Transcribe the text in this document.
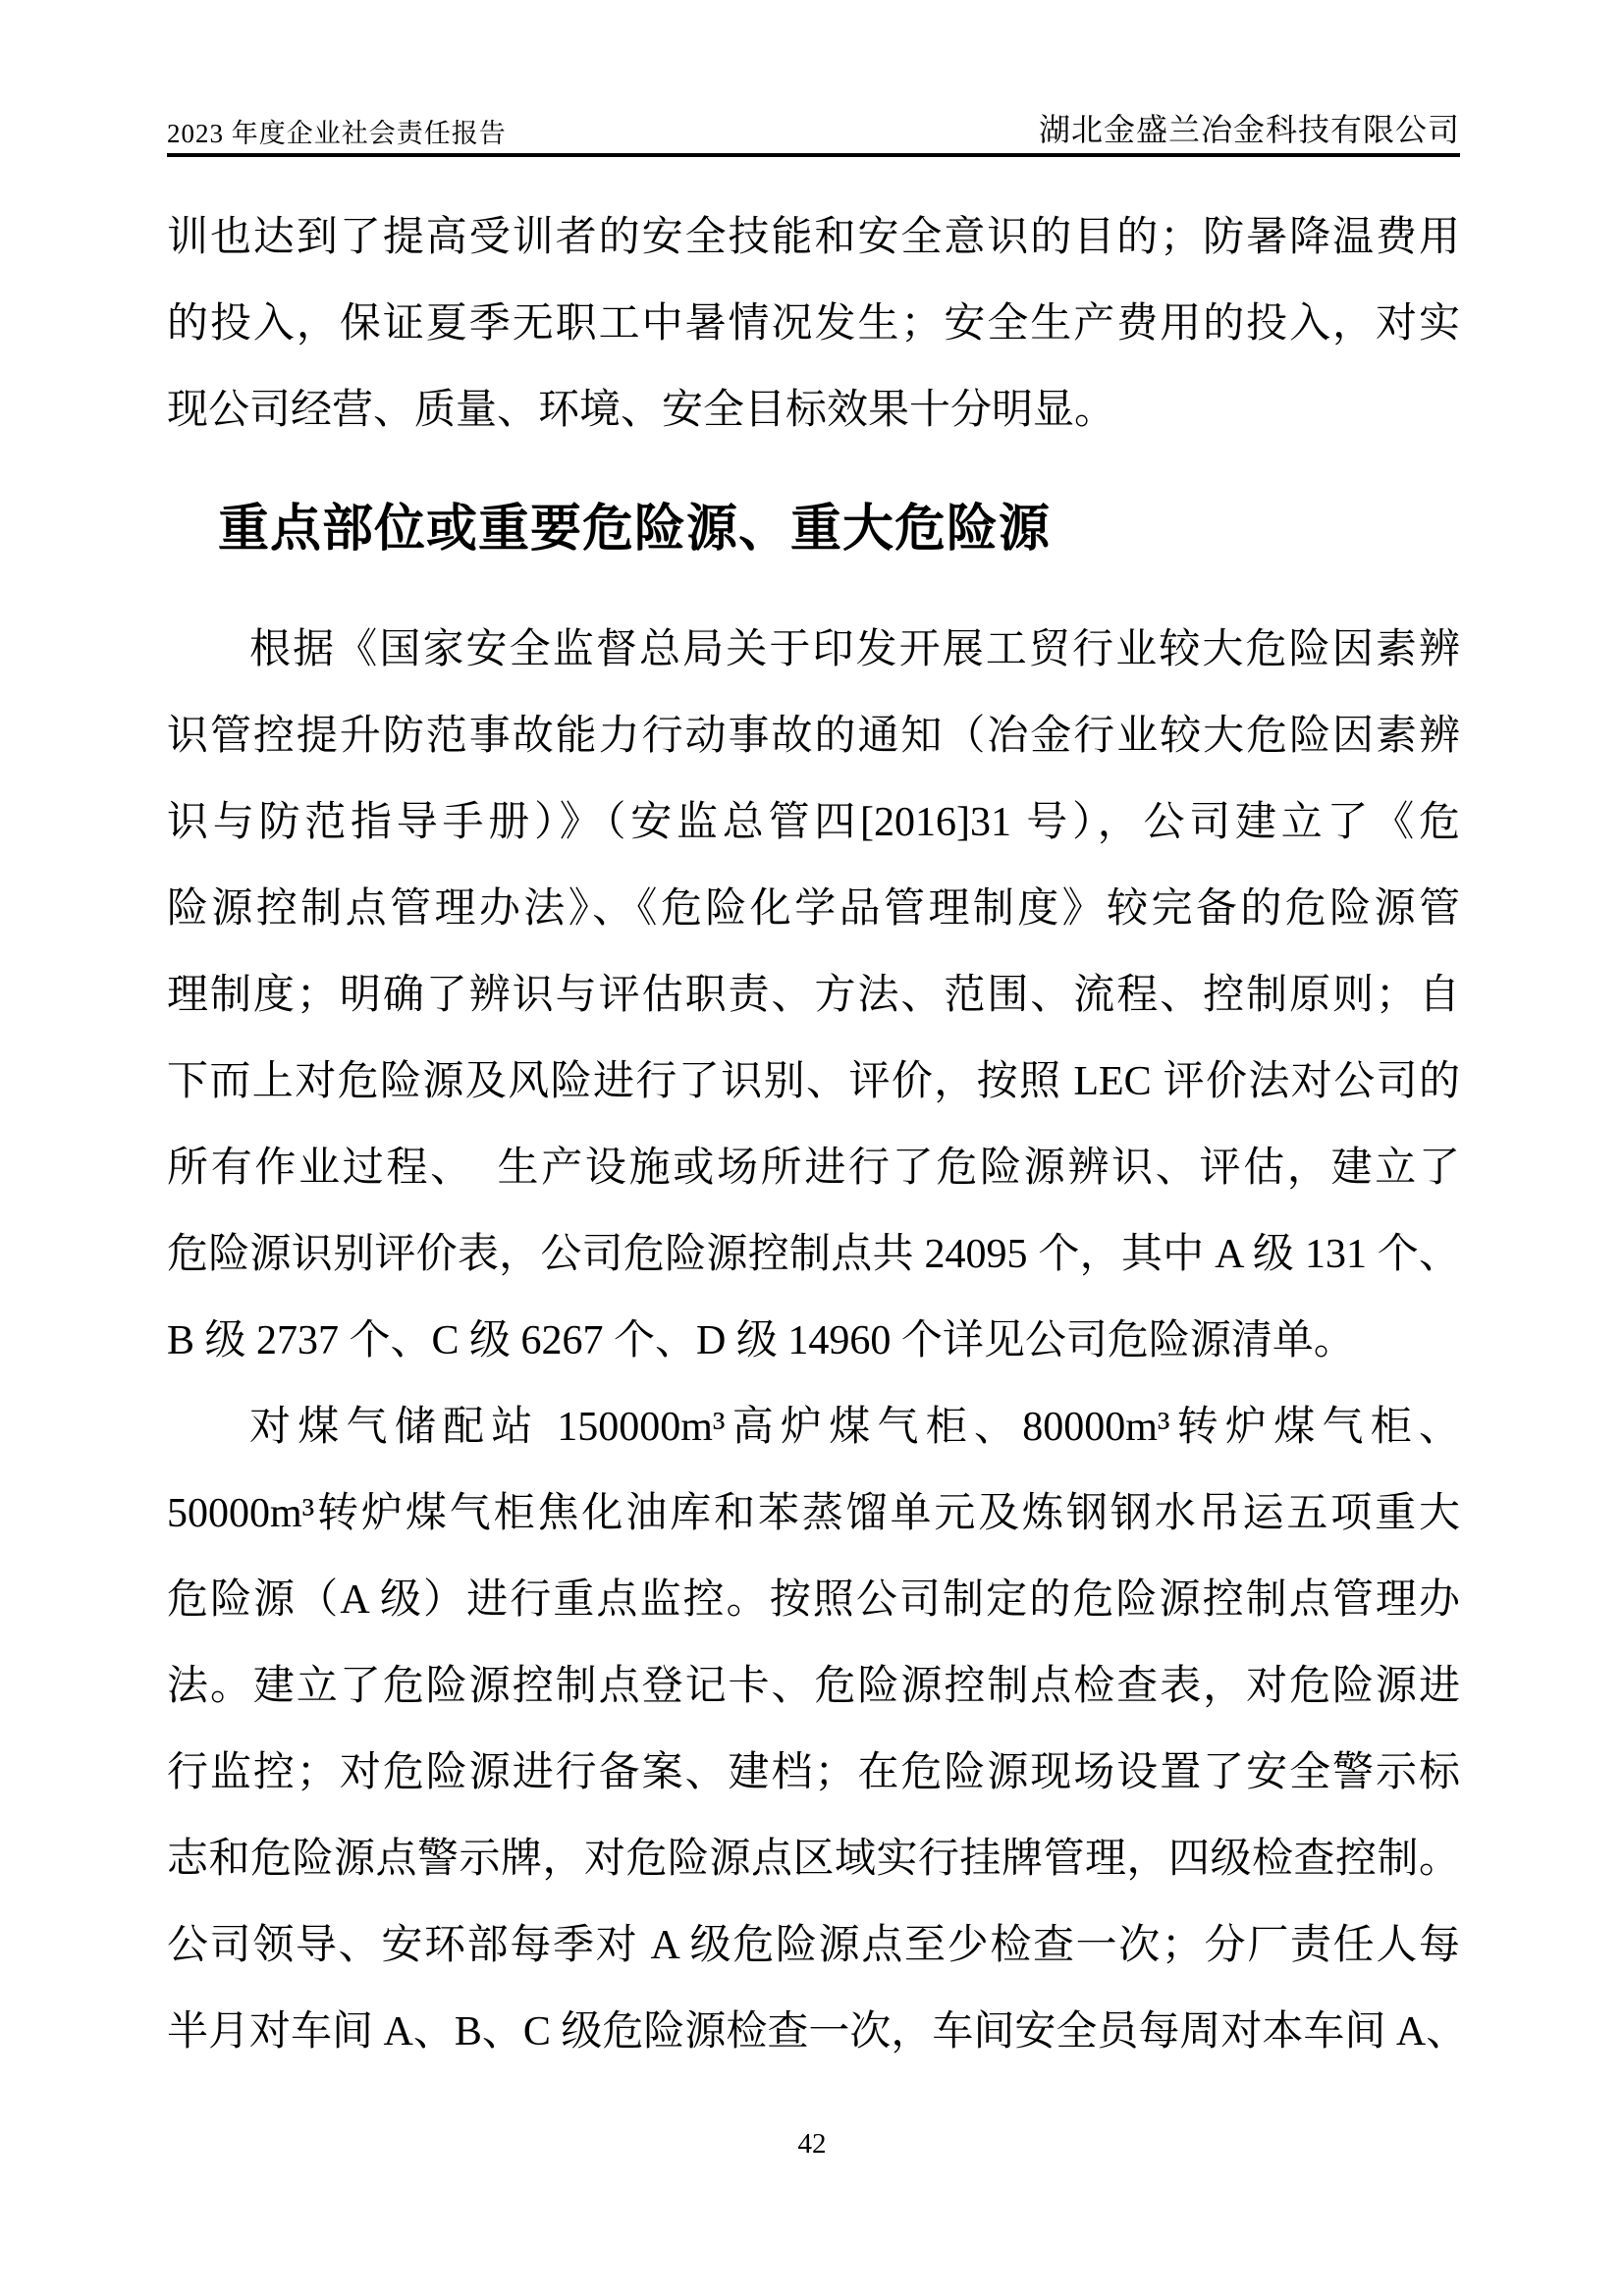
2023 年度企业社会责任报告	湖北金盛兰冶金科技有限公司
训也达到了提高受训者的安全技能和安全意识的目的；防暑降温费用
的投入，保证夏季无职工中暑情况发生；安全生产费用的投入，对实
现公司经营、质量、环境、安全目标效果十分明显。
重点部位或重要危险源、重大危险源
根据《国家安全监督总局关于印发开展工贸行业较大危险因素辨
识管控提升防范事故能力行动事故的通知（冶金行业较大危险因素辨
识与防范指导手册）》（安监总管四[2016]31 号），公司建立了《危
险源控制点管理办法》、《危险化学品管理制度》较完备的危险源管
理制度；明确了辨识与评估职责、方法、范围、流程、控制原则；自
下而上对危险源及风险进行了识别、评价，按照 LEC 评价法对公司的
所有作业过程、　生产设施或场所进行了危险源辨识、评估，建立了
危险源识别评价表，公司危险源控制点共 24095 个，其中 A 级 131 个、
B 级 2737 个、C 级 6267 个、D 级 14960 个详见公司危险源清单。
对煤气储配站 150000m³高炉煤气柜、80000m³转炉煤气柜、
50000m³转炉煤气柜焦化油库和苯蒸馏单元及炼钢钢水吊运五项重大
危险源（A 级）进行重点监控。按照公司制定的危险源控制点管理办
法。建立了危险源控制点登记卡、危险源控制点检查表，对危险源进
行监控；对危险源进行备案、建档；在危险源现场设置了安全警示标
志和危险源点警示牌，对危险源点区域实行挂牌管理，四级检查控制。
公司领导、安环部每季对 A 级危险源点至少检查一次；分厂责任人每
半月对车间 A、B、C 级危险源检查一次，车间安全员每周对本车间 A、
42
